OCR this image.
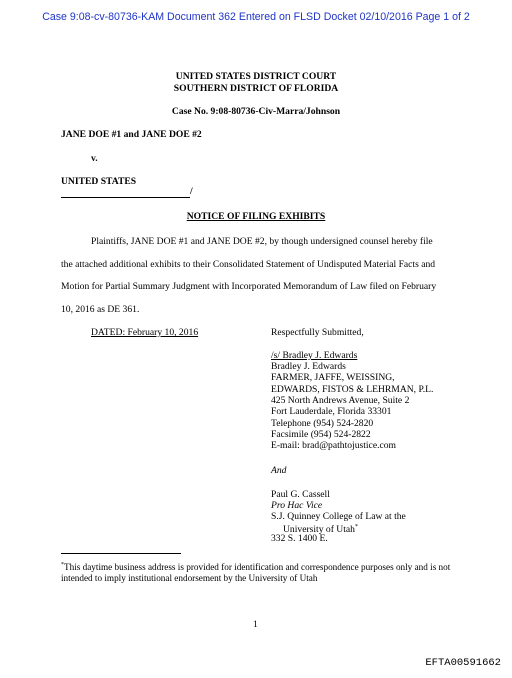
Case 9:08-cv-80736-KAM Document 362 Entered on FLSD Docket 02/10/2016 Page 1 of 2
UNITED STATES DISTRICT COURT
SOUTHERN DISTRICT OF FLORIDA
Case No. 9:08-80736-Civ-Marra/Johnson
JANE DOE #1 and JANE DOE #2
v.
UNITED STATES
/
NOTICE OF FILING EXHIBITS
Plaintiffs, JANE DOE #1 and JANE DOE #2, by though undersigned counsel hereby file
the attached additional exhibits to their Consolidated Statement of Undisputed Material Facts and
Motion for Partial Summary Judgment with Incorporated Memorandum of Law filed on February
10, 2016 as DE 361.
DATED: February 10, 2016	Respectfully Submitted,
/s/ Bradley J. Edwards
Bradley J. Edwards
FARMER, JAFFE, WEISSING,
EDWARDS, FISTOS & LEHRMAN, P.L.
425 North Andrews Avenue, Suite 2
Fort Lauderdale, Florida 33301
Telephone (954) 524-2820
Facsimile (954) 524-2822
E-mail: brad@pathtojustice.com
And
Paul G. Cassell
Pro Hac Vice
S.J. Quinney College of Law at the
University of Utah*
332 S. 1400 E.
*This daytime business address is provided for identification and correspondence purposes only and is not intended to imply institutional endorsement by the University of Utah
1
EFTA00591662
